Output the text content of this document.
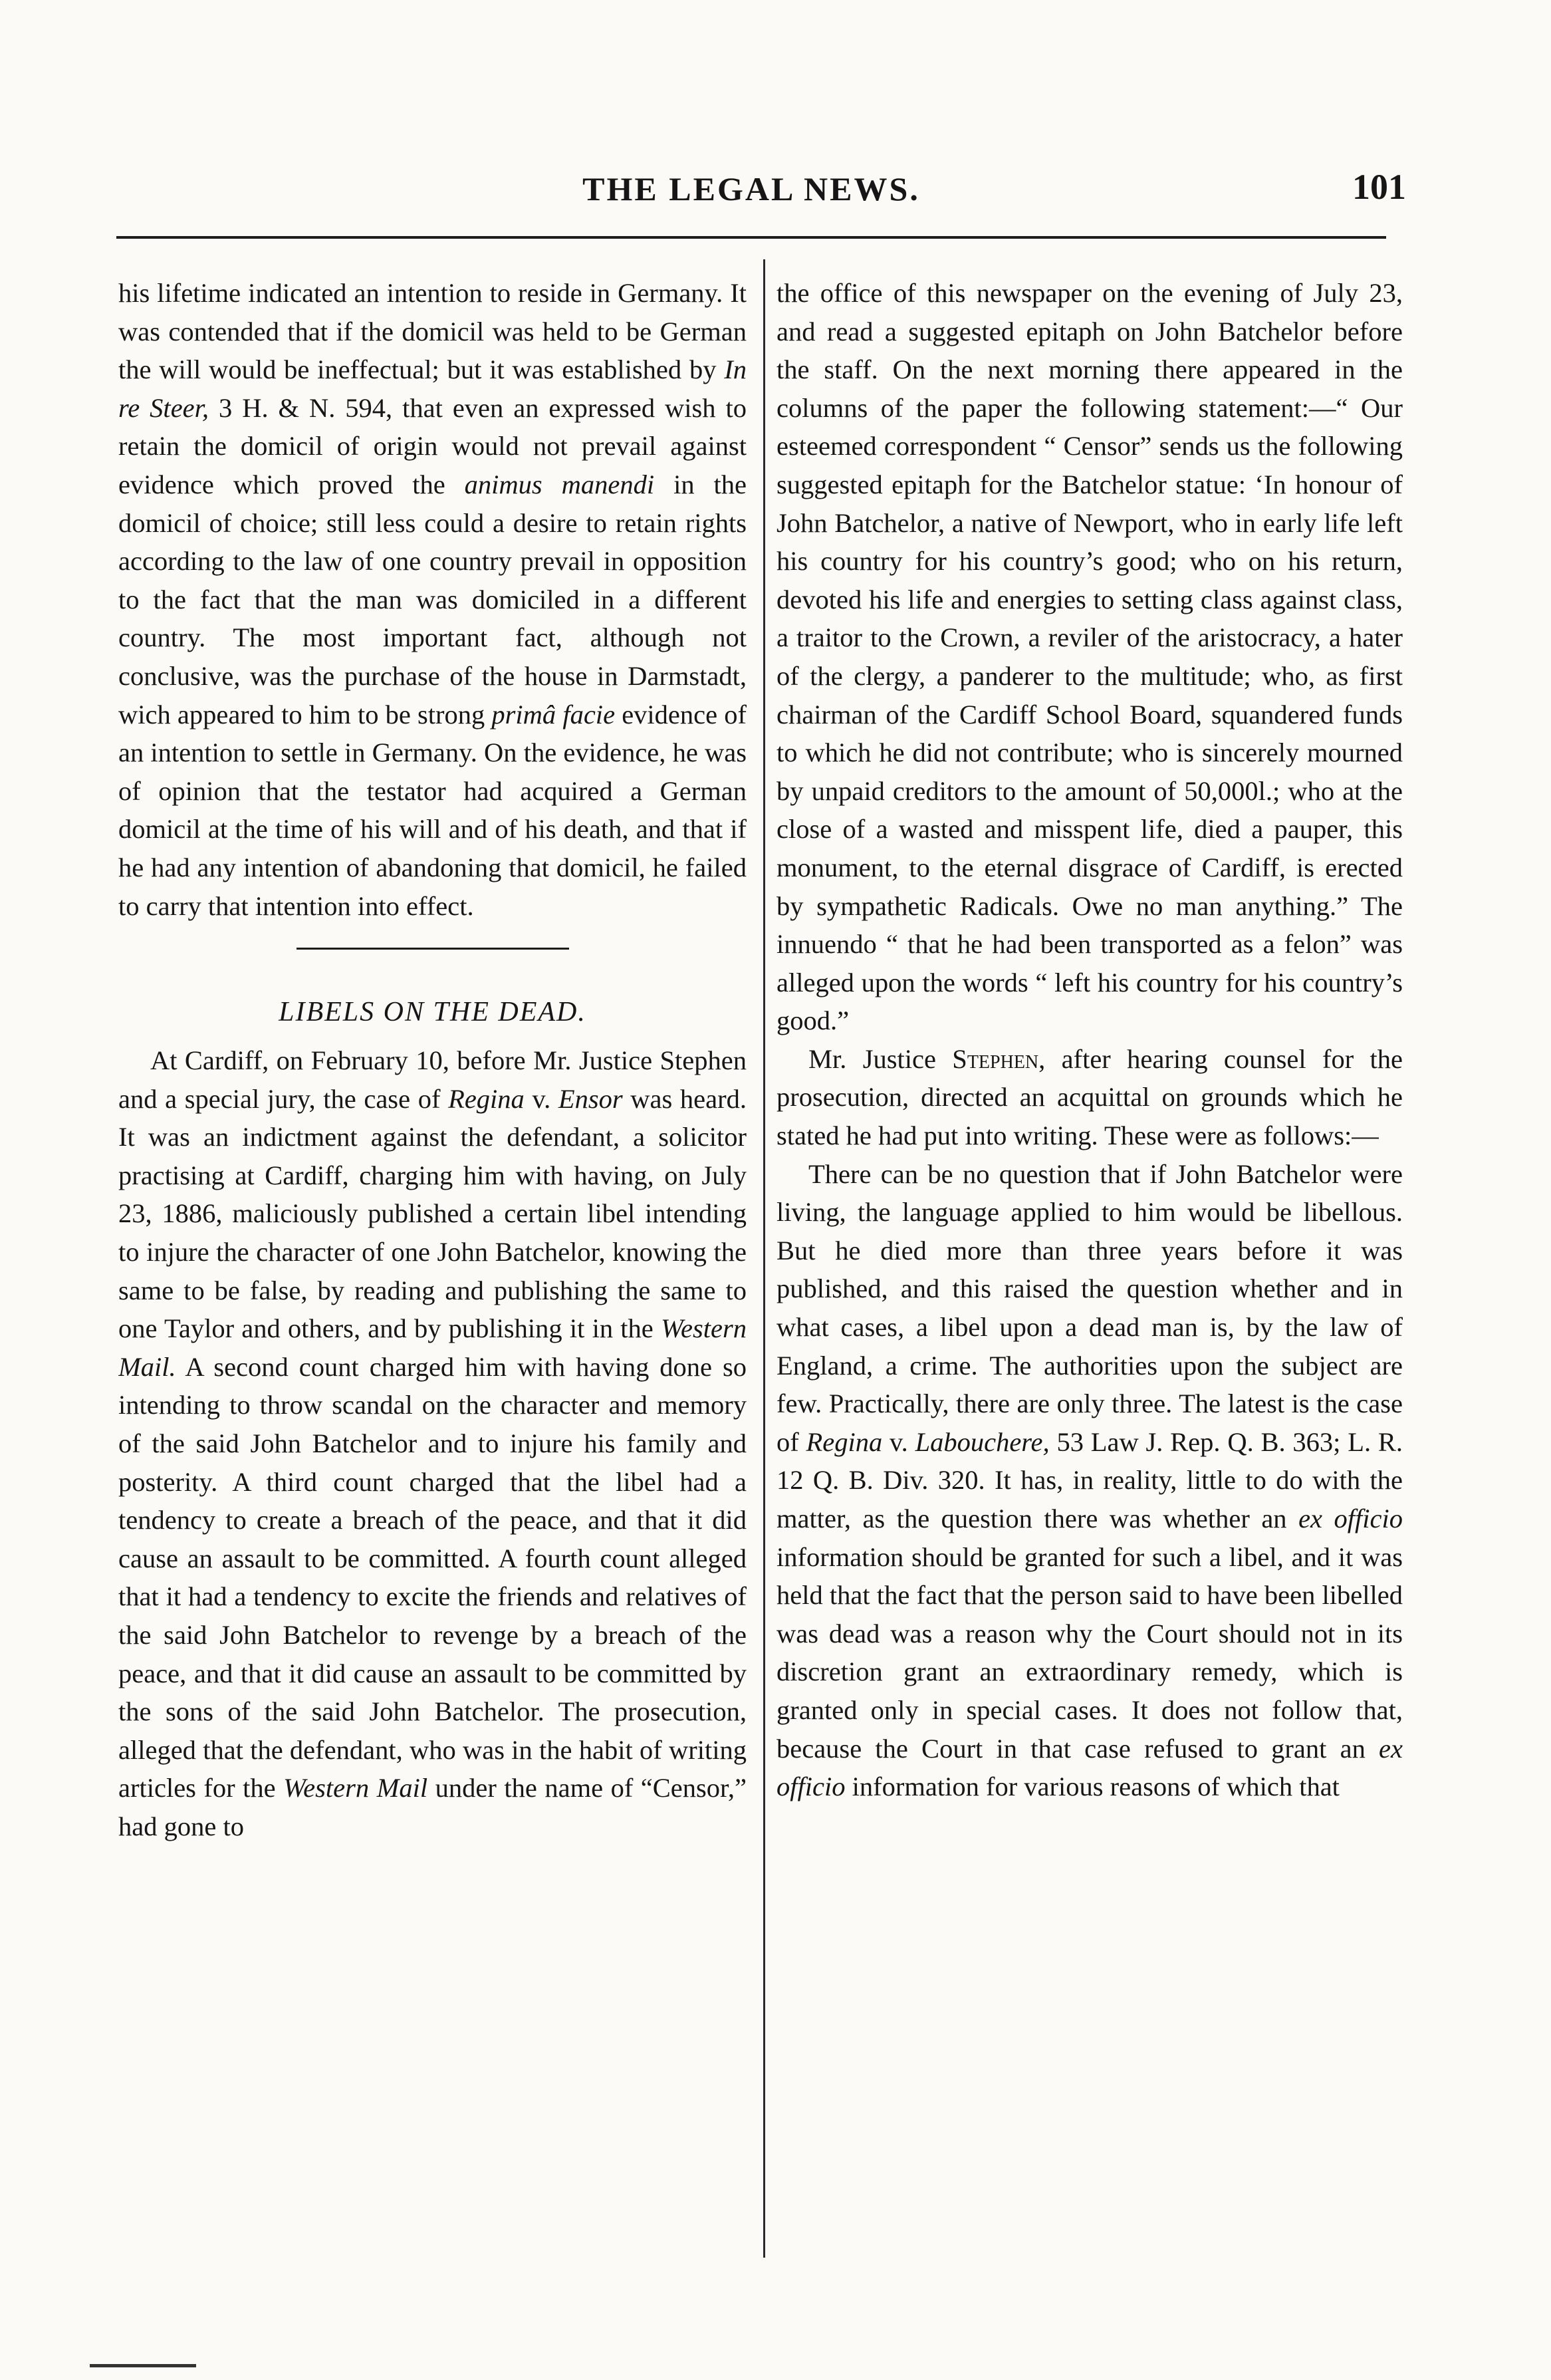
THE LEGAL NEWS.	101

his lifetime indicated an intention to reside in Germany. It was contended that if the domicil was held to be German the will would be ineffectual; but it was established by In re Steer, 3 H. & N. 594, that even an expressed wish to retain the domicil of origin would not prevail against evidence which proved the animus manendi in the domicil of choice; still less could a desire to retain rights according to the law of one country prevail in opposition to the fact that the man was domiciled in a different country. The most important fact, although not conclusive, was the purchase of the house in Darmstadt, wich appeared to him to be strong primâ facie evidence of an intention to settle in Germany. On the evidence, he was of opinion that the testator had acquired a German domicil at the time of his will and of his death, and that if he had any intention of abandoning that domicil, he failed to carry that intention into effect.

LIBELS ON THE DEAD.

At Cardiff, on February 10, before Mr. Justice Stephen and a special jury, the case of Regina v. Ensor was heard. It was an indictment against the defendant, a solicitor practising at Cardiff, charging him with having, on July 23, 1886, maliciously published a certain libel intending to injure the character of one John Batchelor, knowing the same to be false, by reading and publishing the same to one Taylor and others, and by publishing it in the Western Mail. A second count charged him with having done so intending to throw scandal on the character and memory of the said John Batchelor and to injure his family and posterity. A third count charged that the libel had a tendency to create a breach of the peace, and that it did cause an assault to be committed. A fourth count alleged that it had a tendency to excite the friends and relatives of the said John Batchelor to revenge by a breach of the peace, and that it did cause an assault to be committed by the sons of the said John Batchelor. The prosecution, alleged that the defendant, who was in the habit of writing articles for the Western Mail under the name of “Censor,” had gone to

the office of this newspaper on the evening of July 23, and read a suggested epitaph on John Batchelor before the staff. On the next morning there appeared in the columns of the paper the following statement:—“ Our esteemed correspondent “ Censor” sends us the following suggested epitaph for the Batchelor statue: ‘In honour of John Batchelor, a native of Newport, who in early life left his country for his country’s good; who on his return, devoted his life and energies to setting class against class, a traitor to the Crown, a reviler of the aristocracy, a hater of the clergy, a panderer to the multitude; who, as first chairman of the Cardiff School Board, squandered funds to which he did not contribute; who is sincerely mourned by unpaid creditors to the amount of 50,000l.; who at the close of a wasted and misspent life, died a pauper, this monument, to the eternal disgrace of Cardiff, is erected by sympathetic Radicals. Owe no man anything.” The innuendo “ that he had been transported as a felon” was alleged upon the words “ left his country for his country’s good.”

Mr. Justice Stephen, after hearing counsel for the prosecution, directed an acquittal on grounds which he stated he had put into writing. These were as follows:—

There can be no question that if John Batchelor were living, the language applied to him would be libellous. But he died more than three years before it was published, and this raised the question whether and in what cases, a libel upon a dead man is, by the law of England, a crime. The authorities upon the subject are few. Practically, there are only three. The latest is the case of Regina v. Labouchere, 53 Law J. Rep. Q. B. 363; L. R. 12 Q. B. Div. 320. It has, in reality, little to do with the matter, as the question there was whether an ex officio information should be granted for such a libel, and it was held that the fact that the person said to have been libelled was dead was a reason why the Court should not in its discretion grant an extraordinary remedy, which is granted only in special cases. It does not follow that, because the Court in that case refused to grant an ex officio information for various reasons of which that
